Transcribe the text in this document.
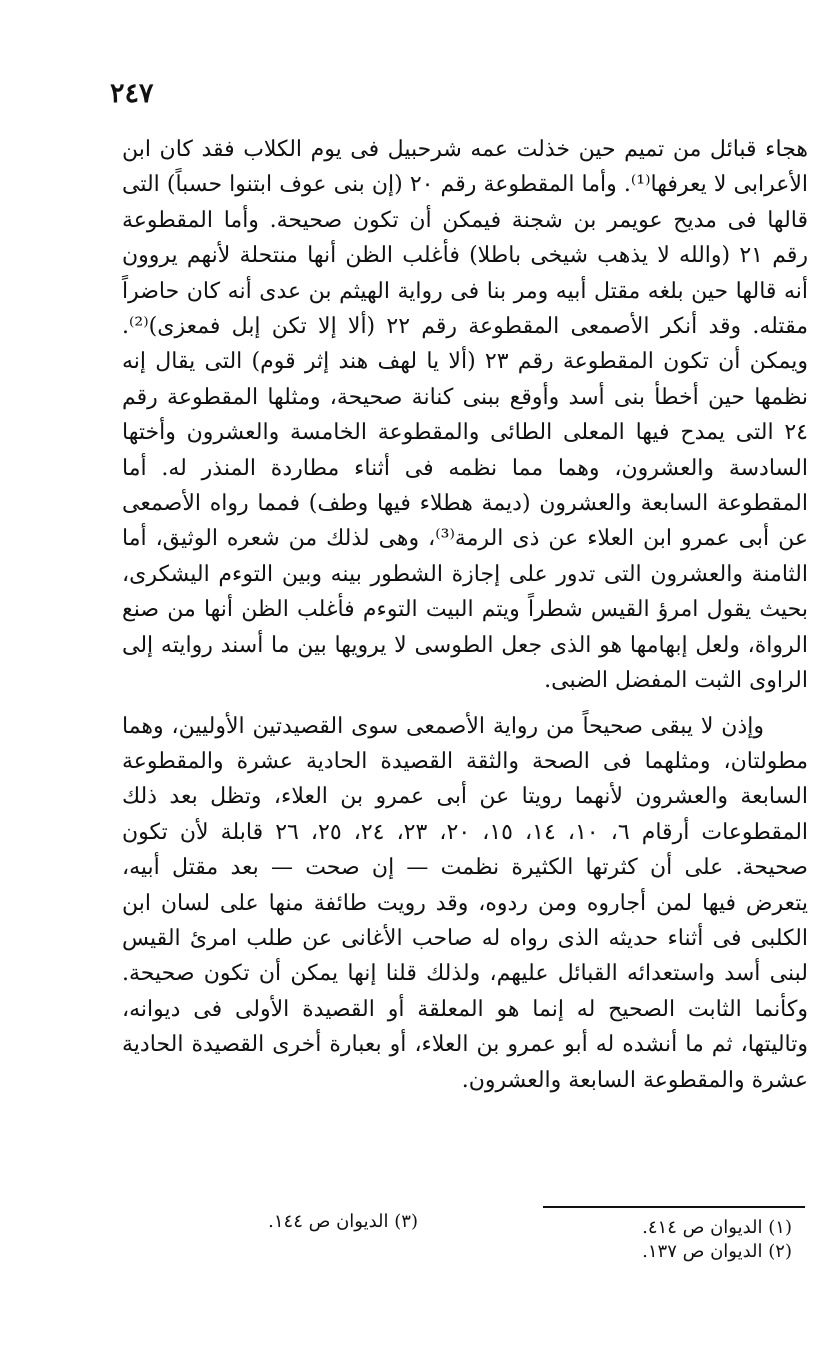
٢٤٧

هجاء قبائل من تميم حين خذلت عمه شرحبيل فى يوم الكلاب فقد كان ابن الأعرابى لا يعرفها⁽¹⁾. وأما المقطوعة رقم ٢٠ (إن بنى عوف ابتنوا حسباً) التى قالها فى مديح عويمر بن شجنة فيمكن أن تكون صحيحة. وأما المقطوعة رقم ٢١ (والله لا يذهب شيخى باطلا) فأغلب الظن أنها منتحلة لأنهم يروون أنه قالها حين بلغه مقتل أبيه ومر بنا فى رواية الهيثم بن عدى أنه كان حاضراً مقتله. وقد أنكر الأصمعى المقطوعة رقم ٢٢ (ألا إلا تكن إبل فمعزى)⁽²⁾. ويمكن أن تكون المقطوعة رقم ٢٣ (ألا يا لهف هند إثر قوم) التى يقال إنه نظمها حين أخطأ بنى أسد وأوقع ببنى كنانة صحيحة، ومثلها المقطوعة رقم ٢٤ التى يمدح فيها المعلى الطائى والمقطوعة الخامسة والعشرون وأختها السادسة والعشرون، وهما مما نظمه فى أثناء مطاردة المنذر له. أما المقطوعة السابعة والعشرون (ديمة هطلاء فيها وطف) فمما رواه الأصمعى عن أبى عمرو ابن العلاء عن ذى الرمة⁽³⁾، وهى لذلك من شعره الوثيق، أما الثامنة والعشرون التى تدور على إجازة الشطور بينه وبين التوءم اليشكرى، بحيث يقول امرؤ القيس شطراً ويتم البيت التوءم فأغلب الظن أنها من صنع الرواة، ولعل إبهامها هو الذى جعل الطوسى لا يرويها بين ما أسند روايته إلى الراوى الثبت المفضل الضبى.

وإذن لا يبقى صحيحاً من رواية الأصمعى سوى القصيدتين الأوليين، وهما مطولتان، ومثلهما فى الصحة والثقة القصيدة الحادية عشرة والمقطوعة السابعة والعشرون لأنهما رويتا عن أبى عمرو بن العلاء، وتظل بعد ذلك المقطوعات أرقام ٦، ١٠، ١٤، ١٥، ٢٠، ٢٣، ٢٤، ٢٥، ٢٦ قابلة لأن تكون صحيحة. على أن كثرتها الكثيرة نظمت — إن صحت — بعد مقتل أبيه، يتعرض فيها لمن أجاروه ومن ردوه، وقد رويت طائفة منها على لسان ابن الكلبى فى أثناء حديثه الذى رواه له صاحب الأغانى عن طلب امرئ القيس لبنى أسد واستعدائه القبائل عليهم، ولذلك قلنا إنها يمكن أن تكون صحيحة. وكأنما الثابت الصحيح له إنما هو المعلقة أو القصيدة الأولى فى ديوانه، وتاليتها، ثم ما أنشده له أبو عمرو بن العلاء، أو بعبارة أخرى القصيدة الحادية عشرة والمقطوعة السابعة والعشرون.

(١) الديوان ص ٤١٤.
(٢) الديوان ص ١٣٧.
(٣) الديوان ص ١٤٤.
